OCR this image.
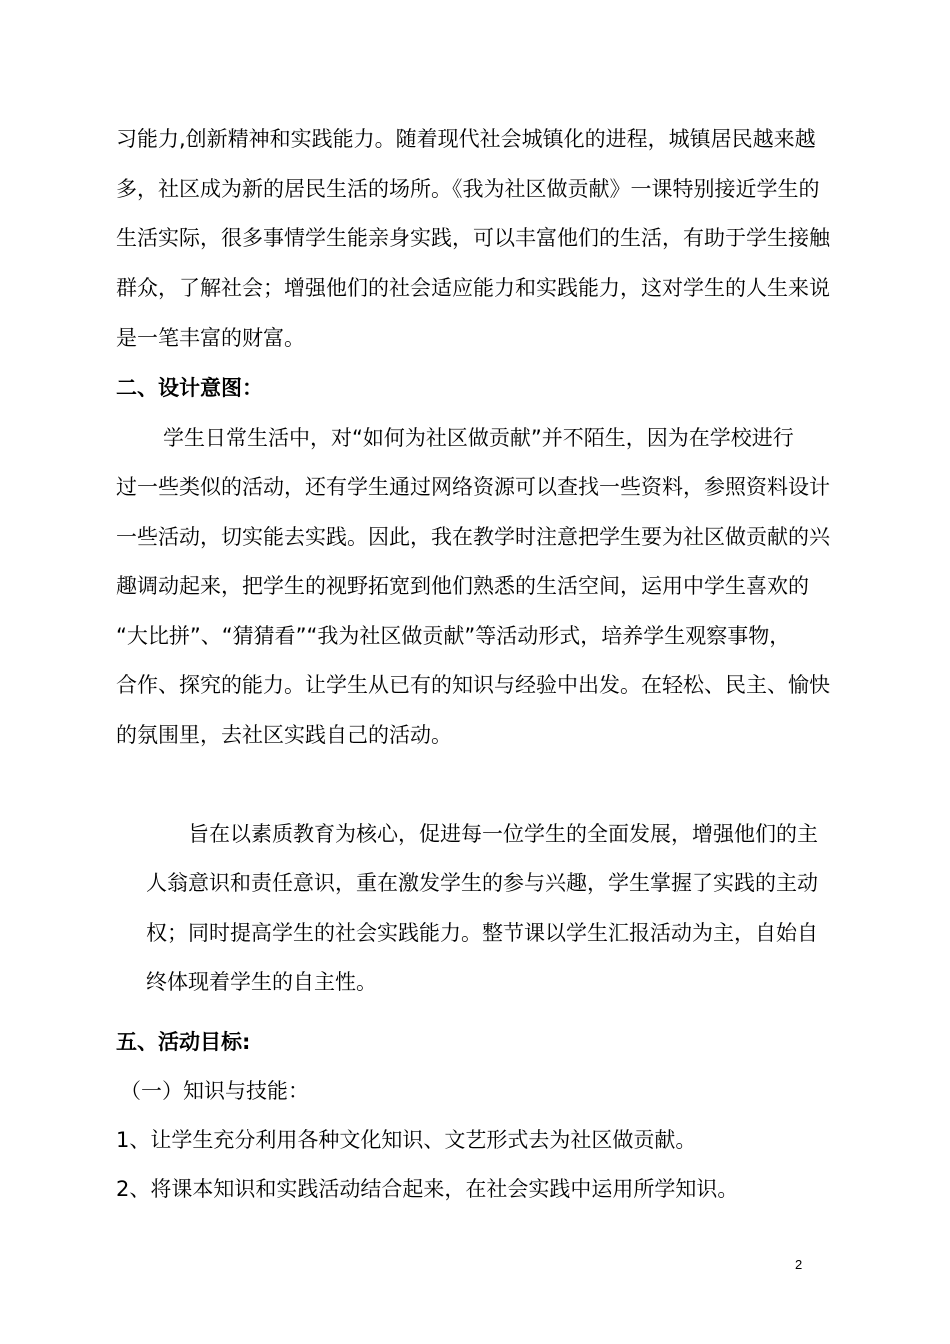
习能力,创新精神和实践能力。随着现代社会城镇化的进程，城镇居民越来越
多，社区成为新的居民生活的场所。《我为社区做贡献》一课特别接近学生的
生活实际，很多事情学生能亲身实践，可以丰富他们的生活，有助于学生接触
群众，了解社会；增强他们的社会适应能力和实践能力，这对学生的人生来说
是一笔丰富的财富。
二、设计意图：
学生日常生活中，对“如何为社区做贡献”并不陌生，因为在学校进行
过一些类似的活动，还有学生通过网络资源可以查找一些资料，参照资料设计
一些活动，切实能去实践。因此，我在教学时注意把学生要为社区做贡献的兴
趣调动起来，把学生的视野拓宽到他们熟悉的生活空间，运用中学生喜欢的
“大比拼”、“猜猜看”“我为社区做贡献”等活动形式，培养学生观察事物，
合作、探究的能力。让学生从已有的知识与经验中出发。在轻松、民主、愉快
的氛围里，去社区实践自己的活动。
旨在以素质教育为核心，促进每一位学生的全面发展，增强他们的主
人翁意识和责任意识，重在激发学生的参与兴趣，学生掌握了实践的主动
权；同时提高学生的社会实践能力。整节课以学生汇报活动为主，自始自
终体现着学生的自主性。
五、活动目标:
（一）知识与技能：
1、让学生充分利用各种文化知识、文艺形式去为社区做贡献。
2、将课本知识和实践活动结合起来，在社会实践中运用所学知识。
2
